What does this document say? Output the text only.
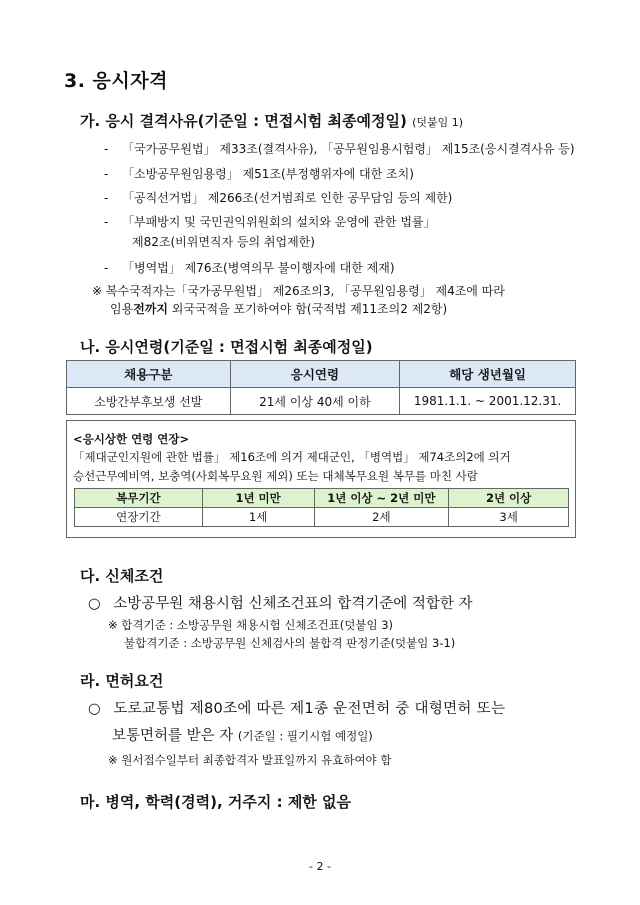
3. 응시자격
가. 응시 결격사유(기준일 : 면접시험 최종예정일) (덧붙임 1)
- 「국가공무원법」 제33조(결격사유), 「공무원임용시험령」 제15조(응시결격사유 등)
- 「소방공무원임용령」 제51조(부정행위자에 대한 조치)
- 「공직선거법」 제266조(선거범죄로 인한 공무담임 등의 제한)
- 「부패방지 및 국민권익위원회의 설치와 운영에 관한 법률」
제82조(비위면직자 등의 취업제한)
- 「병역법」 제76조(병역의무 불이행자에 대한 제재)
※ 복수국적자는「국가공무원법」 제26조의3, 「공무원임용령」 제4조에 따라
임용전까지 외국국적을 포기하여야 함(국적법 제11조의2 제2항)
나. 응시연령(기준일 : 면접시험 최종예정일)
채용구분	응시연령	해당 생년월일
소방간부후보생 선발	21세 이상 40세 이하	1981.1.1. ~ 2001.12.31.
<응시상한 연령 연장>
「제대군인지원에 관한 법률」 제16조에 의거 제대군인, 「병역법」 제74조의2에 의거
승선근무예비역, 보충역(사회복무요원 제외) 또는 대체복무요원 복무를 마친 사람
복무기간	1년 미만	1년 이상 ~ 2년 미만	2년 이상
연장기간	1세	2세	3세
다. 신체조건
○ 소방공무원 채용시험 신체조건표의 합격기준에 적합한 자
※ 합격기준 : 소방공무원 채용시험 신체조건표(덧붙임 3)
불합격기준 : 소방공무원 신체검사의 불합격 판정기준(덧붙임 3-1)
라. 면허요건
○ 도로교통법 제80조에 따른 제1종 운전면허 중 대형면허 또는
보통면허를 받은 자 (기준일 : 필기시험 예정일)
※ 원서접수일부터 최종합격자 발표일까지 유효하여야 함
마. 병역, 학력(경력), 거주지 : 제한 없음
- 2 -
